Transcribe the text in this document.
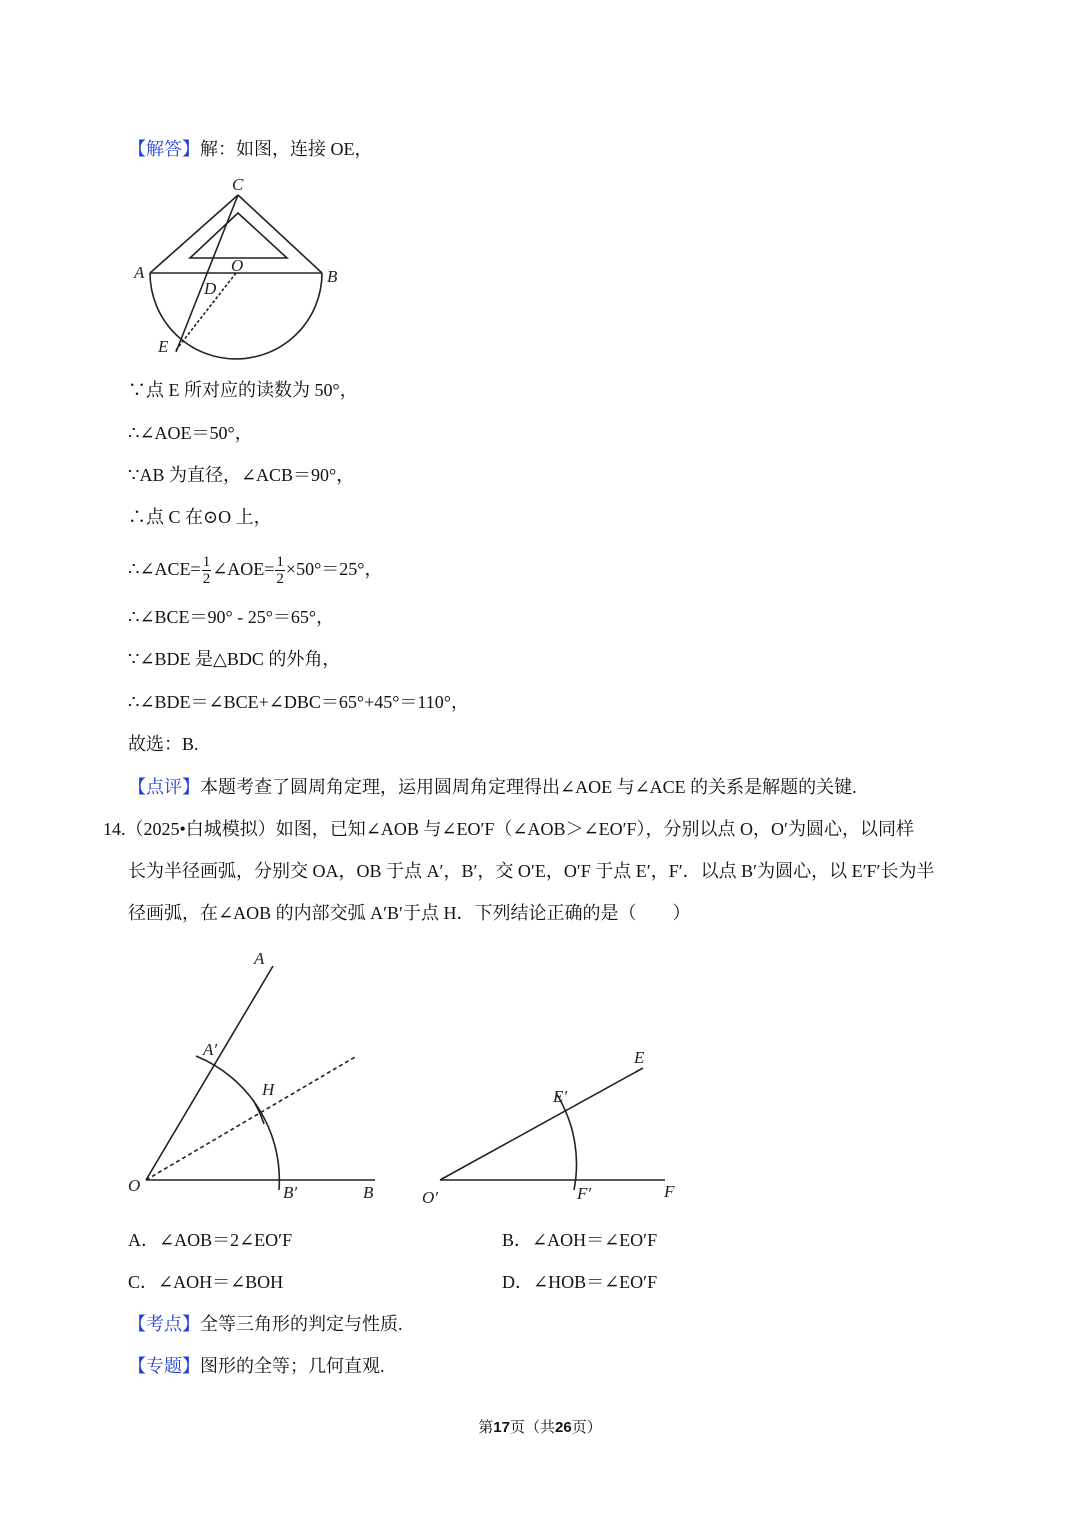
【解答】解：如图，连接 OE，
C
A	O
B
D
E
A
A′
H
O	B′	B
E
E′
O′	F′	F
∵点 E 所对应的读数为 50°，
∴∠AOE＝50°，
∵AB 为直径，∠ACB＝90°，
∴点 C 在⊙O 上，
∴∠ACE= $\frac{1}{2}$ ∠AOE= $\frac{1}{2} \times 50^\circ=25^\circ$，
∴∠BCE＝90° - 25°＝65°，
∵∠BDE 是△BDC 的外角，
∴∠BDE＝∠BCE+∠DBC＝65°+45°＝110°，
故选：B.
【点评】本题考查了圆周角定理，运用圆周角定理得出∠AOE 与∠ACE 的关系是解题的关键.
14.（2025•白城模拟）如图，已知∠AOB 与∠EO′F（∠AOB＞∠EO′F），分别以点 O，O′为圆心，以同样
长为半径画弧，分别交 OA，OB 于点 A′，B′，交 O′E，O′F 于点 E′，F′．以点 B′为圆心，以 E′F′长为半
径画弧，在∠AOB 的内部交弧 A′B′于点 H．下列结论正确的是（　　）
A．∠AOB＝2∠EO′F	B．∠AOH＝∠EO′F
C．∠AOH＝∠BOH	D．∠HOB＝∠EO′F
【考点】全等三角形的判定与性质.
【专题】图形的全等；几何直观.
第17页（共26页）
